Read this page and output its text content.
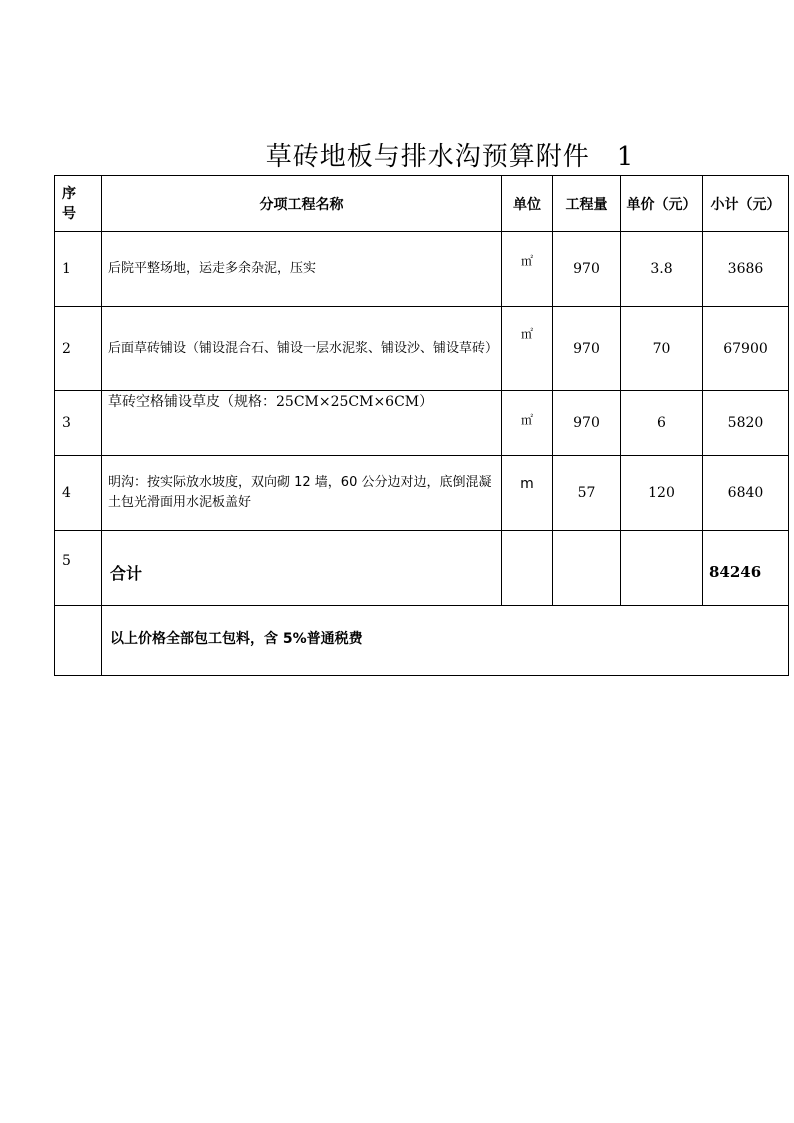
草砖地板与排水沟预算附件　1
序号	分项工程名称	单位	工程量	单价（元）	小计（元）
1	后院平整场地，运走多余杂泥，压实	㎡	970	3.8	3686
2	后面草砖铺设（铺设混合石、铺设一层水泥浆、铺设沙、铺设草砖）	㎡	970	70	67900
3	草砖空格铺设草皮（规格：25CM×25CM×6CM）	㎡	970	6	5820
4	明沟：按实际放水坡度，双向砌 12 墙，60 公分边对边，底倒混凝土包光滑面用水泥板盖好	m	57	120	6840
5	合计				84246
	以上价格全部包工包料，含 5%普通税费				
